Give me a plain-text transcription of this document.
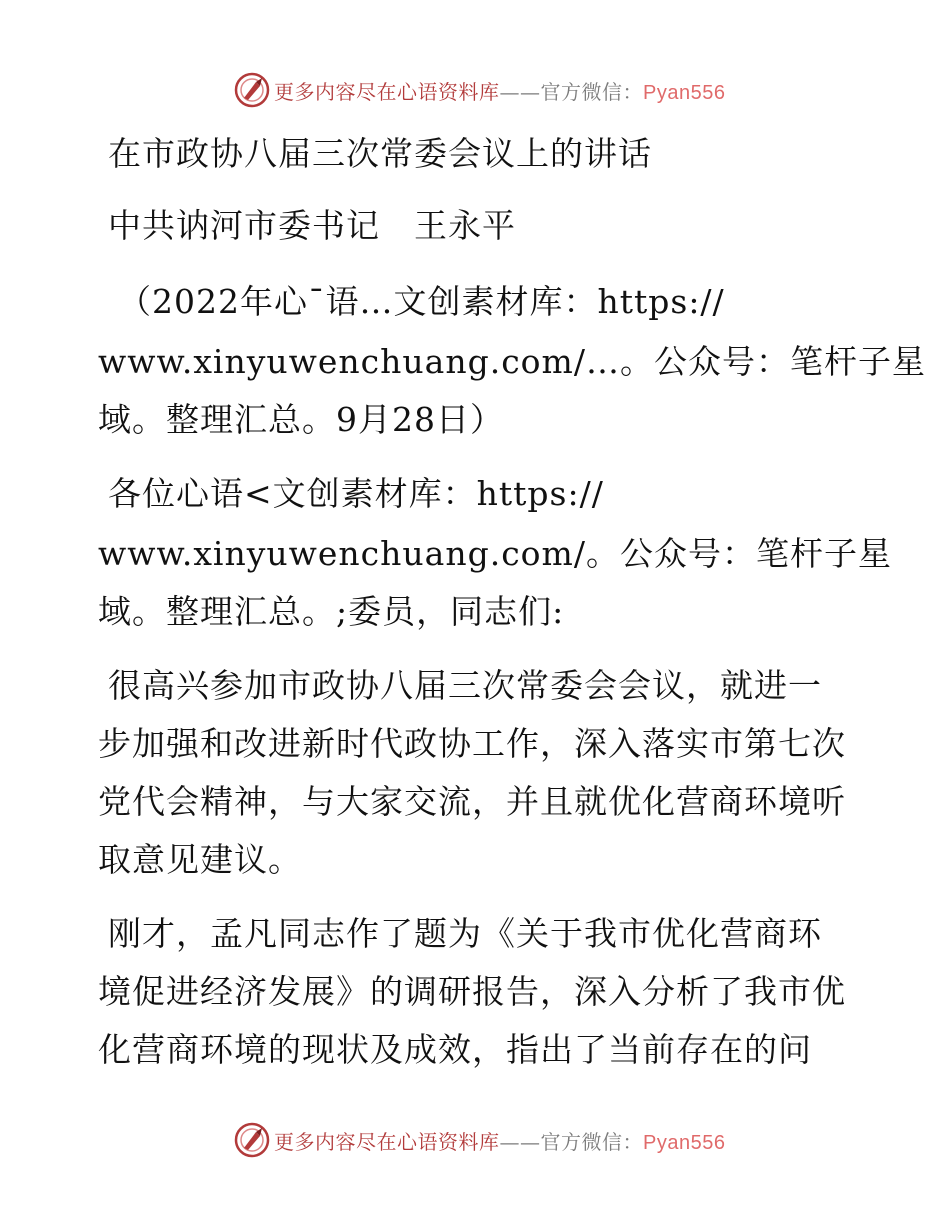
更多内容尽在心语资料库——官方微信：Pyan556
在市政协八届三次常委会议上的讲话
中共讷河市委书记　王永平
（2022年心¯语…文创素材库：https://
www.xinyuwenchuang.com/…。公众号：笔杆子星
域。整理汇总。9月28日）
各位心语<文创素材库：https://
www.xinyuwenchuang.com/。公众号：笔杆子星
域。整理汇总。;委员，同志们:
很高兴参加市政协八届三次常委会会议，就进一
步加强和改进新时代政协工作，深入落实市第七次
党代会精神，与大家交流，并且就优化营商环境听
取意见建议。
刚才，孟凡同志作了题为《关于我市优化营商环
境促进经济发展》的调研报告，深入分析了我市优
化营商环境的现状及成效，指出了当前存在的问
更多内容尽在心语资料库——官方微信：Pyan556
